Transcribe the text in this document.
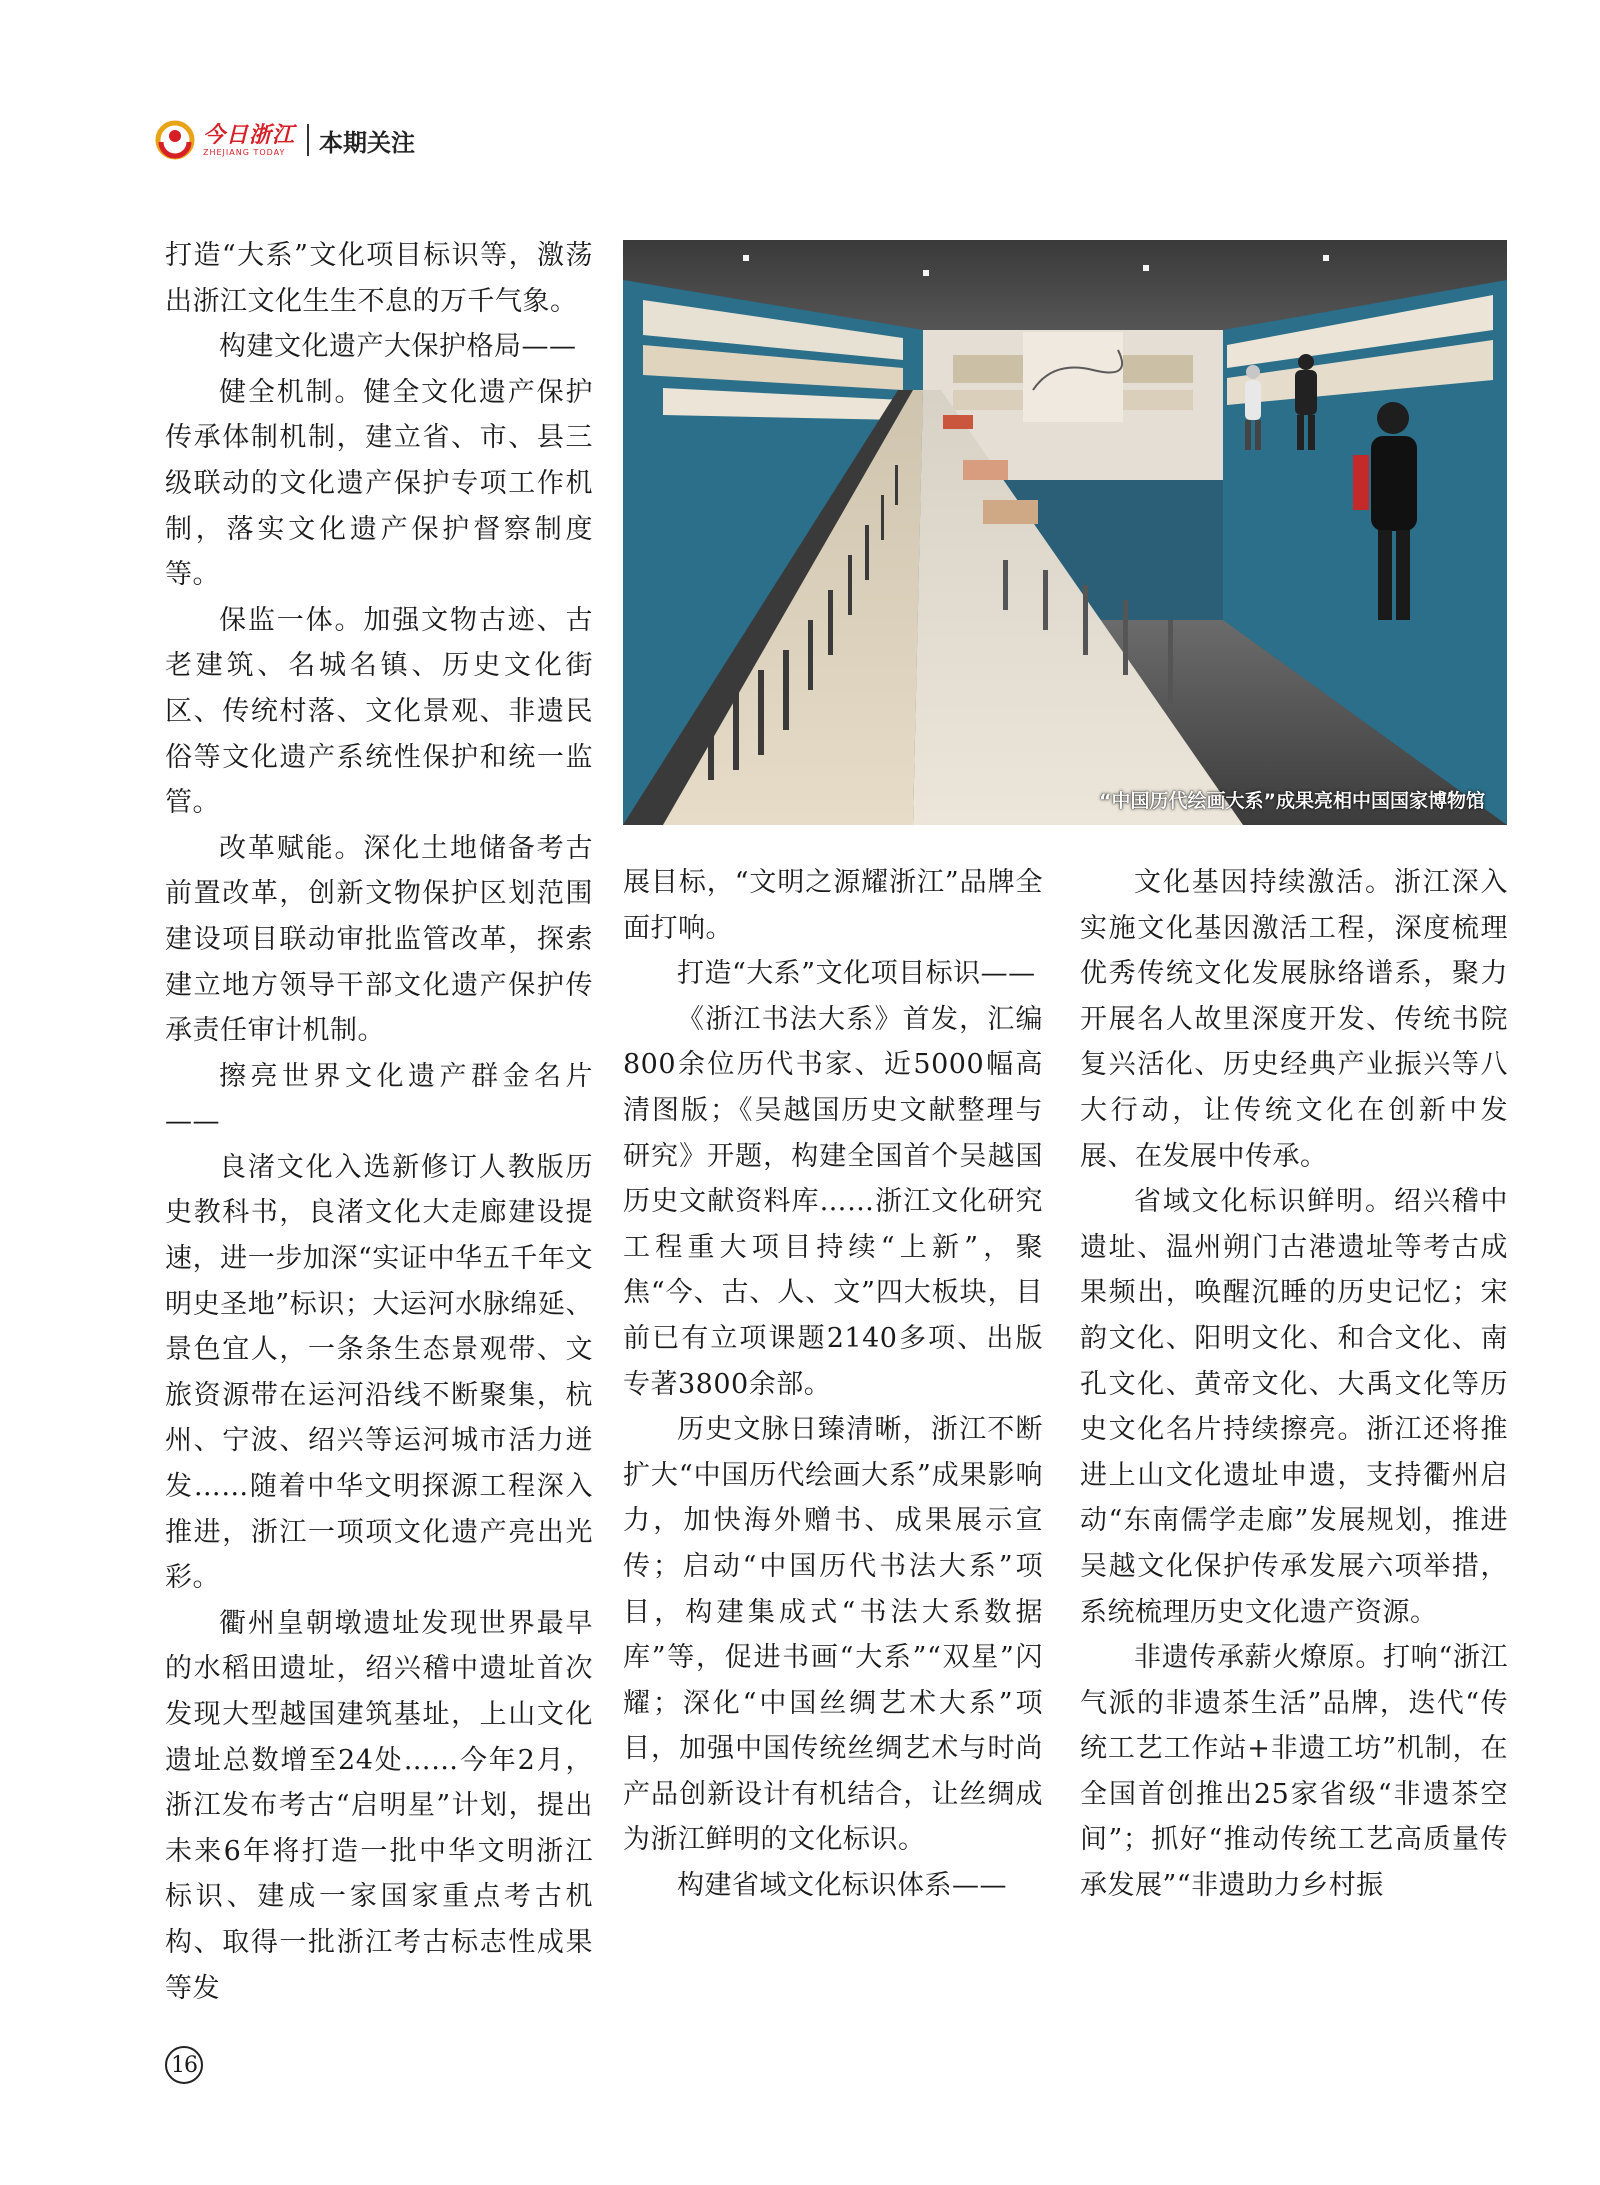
今日浙江
ZHEJIANG TODAY	本期关注

打造“大系”文化项目标识等，激荡出浙江文化生生不息的万千气象。

构建文化遗产大保护格局——

健全机制。健全文化遗产保护传承体制机制，建立省、市、县三级联动的文化遗产保护专项工作机制，落实文化遗产保护督察制度等。

保监一体。加强文物古迹、古老建筑、名城名镇、历史文化街区、传统村落、文化景观、非遗民俗等文化遗产系统性保护和统一监管。

改革赋能。深化土地储备考古前置改革，创新文物保护区划范围建设项目联动审批监管改革，探索建立地方领导干部文化遗产保护传承责任审计机制。

擦亮世界文化遗产群金名片——

良渚文化入选新修订人教版历史教科书，良渚文化大走廊建设提速，进一步加深“实证中华五千年文明史圣地”标识；大运河水脉绵延、景色宜人，一条条生态景观带、文旅资源带在运河沿线不断聚集，杭州、宁波、绍兴等运河城市活力迸发……随着中华文明探源工程深入推进，浙江一项项文化遗产亮出光彩。

衢州皇朝墩遗址发现世界最早的水稻田遗址，绍兴稽中遗址首次发现大型越国建筑基址，上山文化遗址总数增至24处……今年2月，浙江发布考古“启明星”计划，提出未来6年将打造一批中华文明浙江标识、建成一家国家重点考古机构、取得一批浙江考古标志性成果等发

“中国历代绘画大系”成果亮相中国国家博物馆

展目标，“文明之源耀浙江”品牌全面打响。

打造“大系”文化项目标识——

《浙江书法大系》首发，汇编800余位历代书家、近5000幅高清图版；《吴越国历史文献整理与研究》开题，构建全国首个吴越国历史文献资料库……浙江文化研究工程重大项目持续“上新”，聚焦“今、古、人、文”四大板块，目前已有立项课题2140多项、出版专著3800余部。

历史文脉日臻清晰，浙江不断扩大“中国历代绘画大系”成果影响力，加快海外赠书、成果展示宣传；启动“中国历代书法大系”项目，构建集成式“书法大系数据库”等，促进书画“大系”“双星”闪耀；深化“中国丝绸艺术大系”项目，加强中国传统丝绸艺术与时尚产品创新设计有机结合，让丝绸成为浙江鲜明的文化标识。

构建省域文化标识体系——

文化基因持续激活。浙江深入实施文化基因激活工程，深度梳理优秀传统文化发展脉络谱系，聚力开展名人故里深度开发、传统书院复兴活化、历史经典产业振兴等八大行动，让传统文化在创新中发展、在发展中传承。

省域文化标识鲜明。绍兴稽中遗址、温州朔门古港遗址等考古成果频出，唤醒沉睡的历史记忆；宋韵文化、阳明文化、和合文化、南孔文化、黄帝文化、大禹文化等历史文化名片持续擦亮。浙江还将推进上山文化遗址申遗，支持衢州启动“东南儒学走廊”发展规划，推进吴越文化保护传承发展六项举措，系统梳理历史文化遗产资源。

非遗传承薪火燎原。打响“浙江气派的非遗茶生活”品牌，迭代“传统工艺工作站+非遗工坊”机制，在全国首创推出25家省级“非遗茶空间”；抓好“推动传统工艺高质量传承发展”“非遗助力乡村振

16
